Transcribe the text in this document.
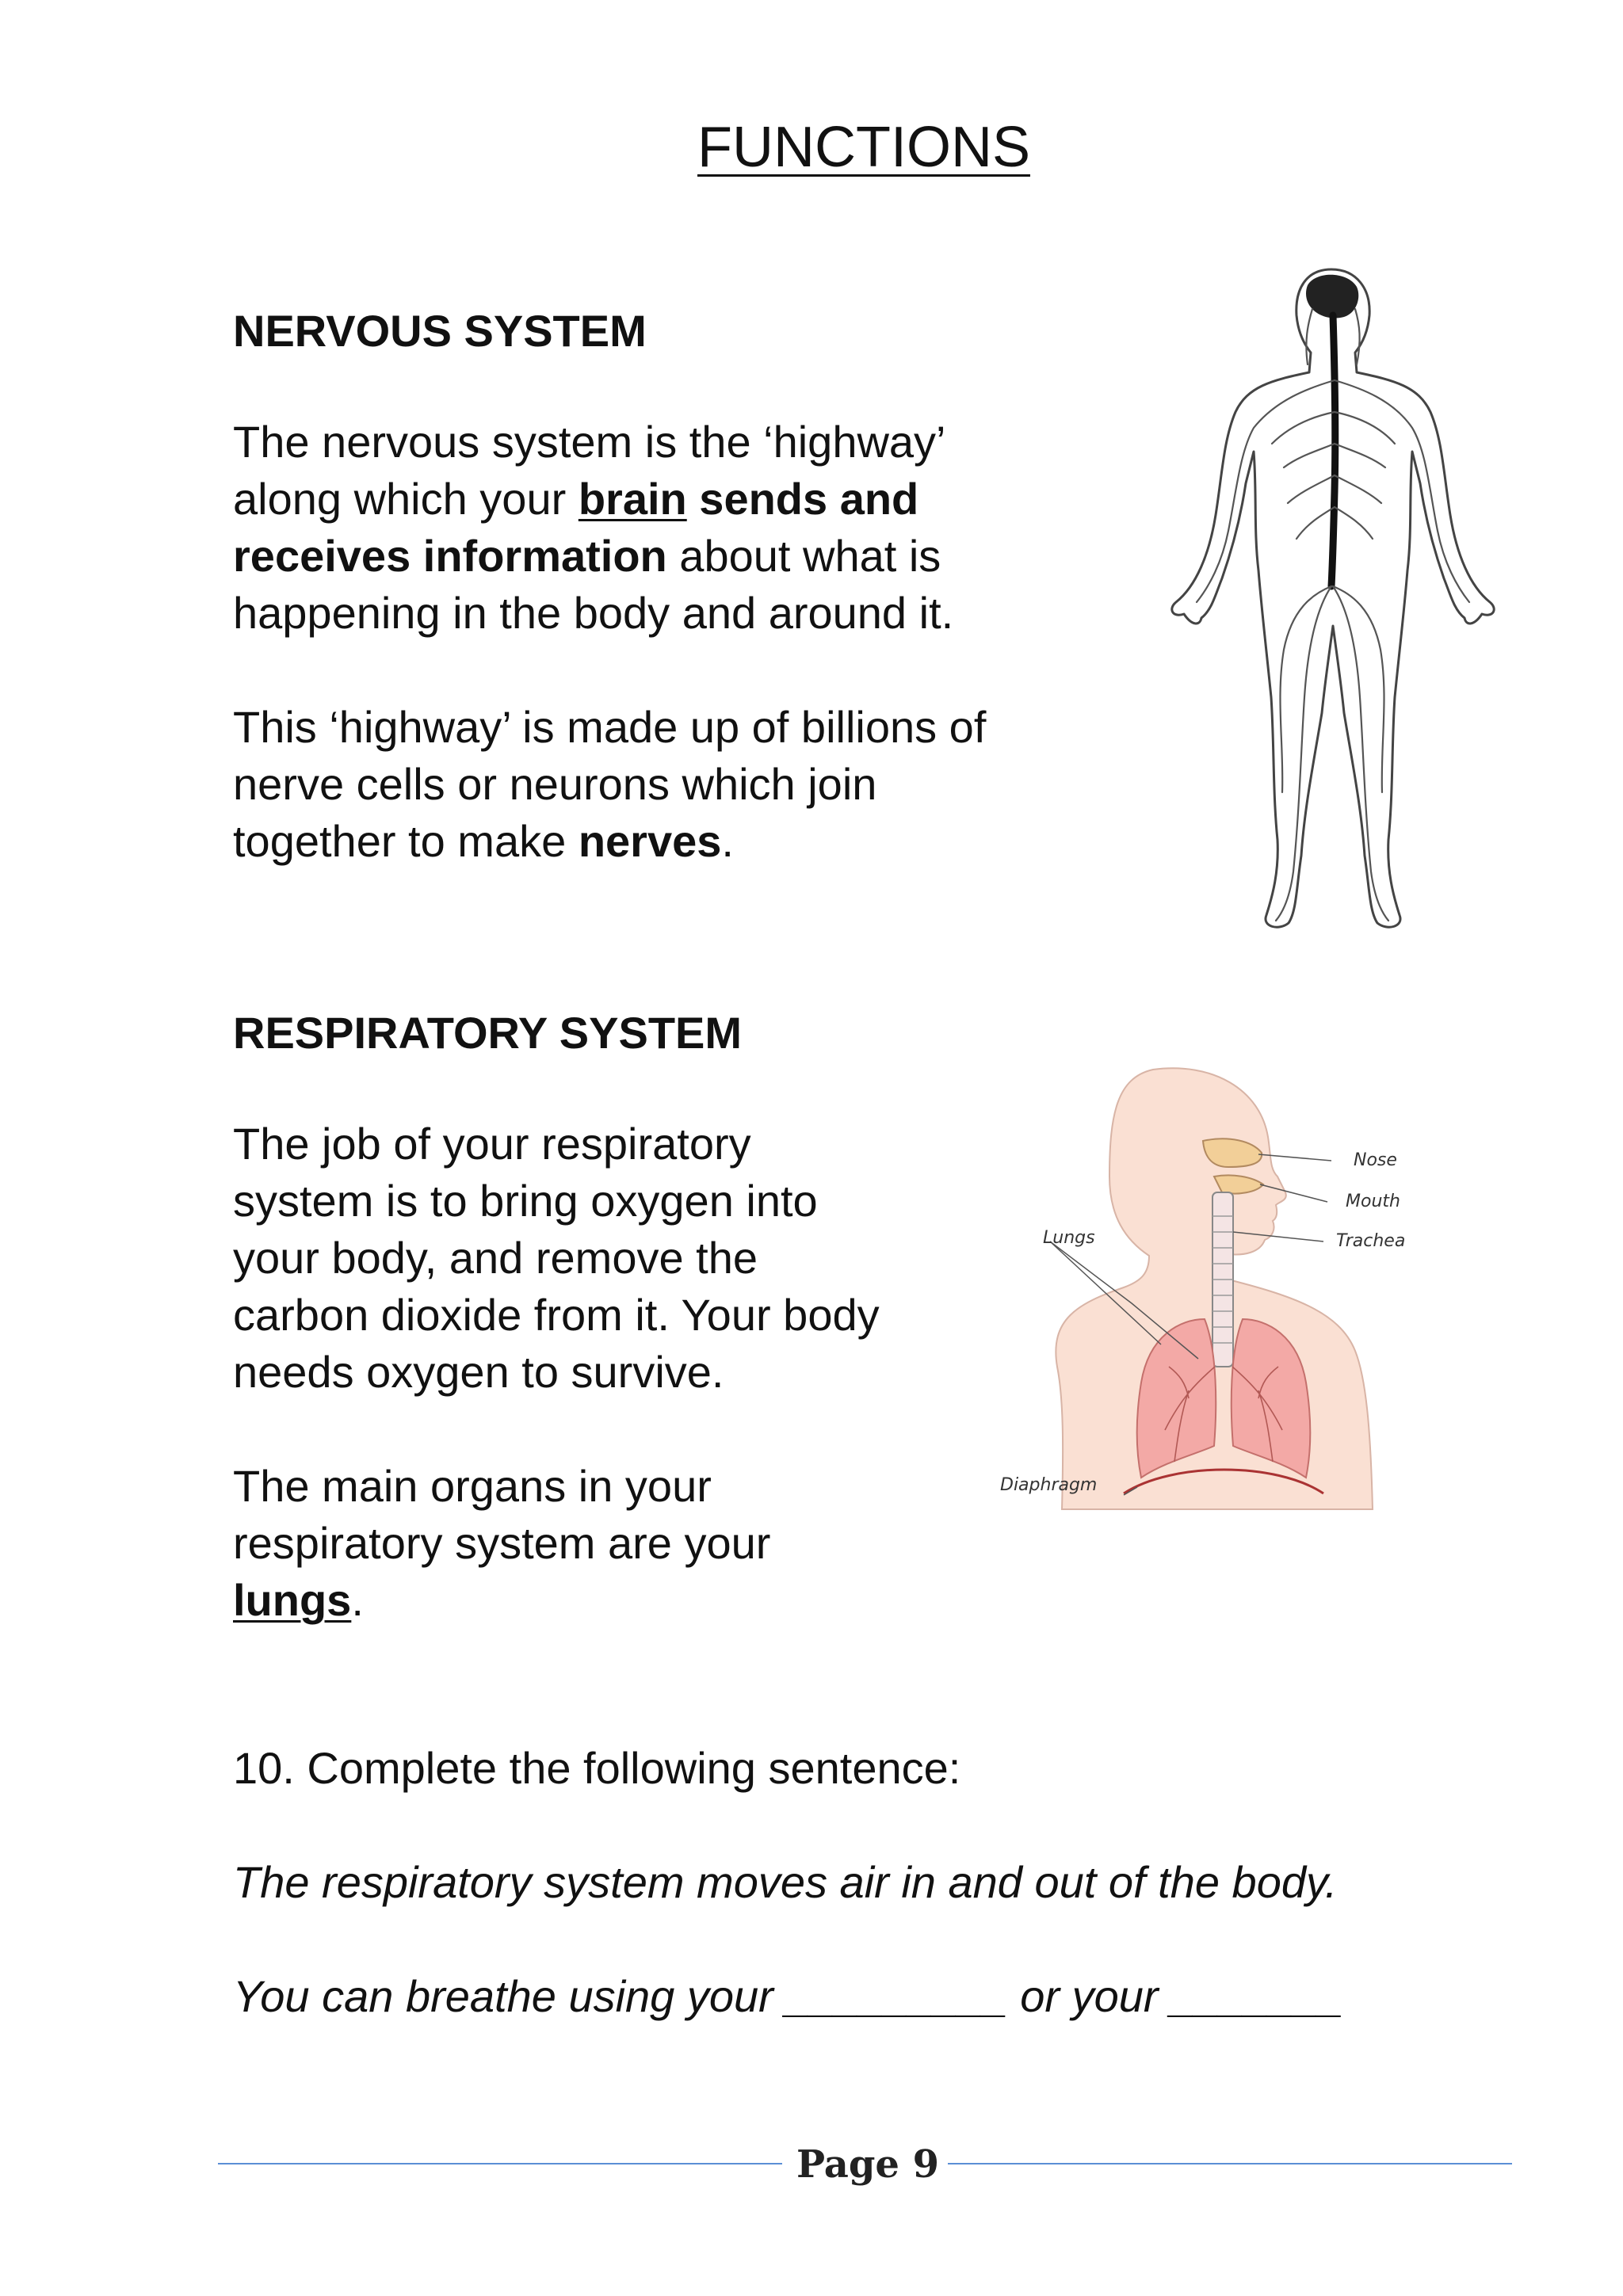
FUNCTIONS
NERVOUS SYSTEM
The nervous system is the ‘highway’
along which your brain sends and
receives information about what is
happening in the body and around it.
This ‘highway’ is made up of billions of
nerve cells or neurons which join
together to make nerves.
RESPIRATORY SYSTEM
The job of your respiratory
system is to bring oxygen into
your body, and remove the
carbon dioxide from it. Your body
needs oxygen to survive.
The main organs in your
respiratory system are your
lungs.
Nose
Mouth
Trachea
Lungs
Diaphragm
10. Complete the following sentence:
The respiratory system moves air in and out of the body.
You can breathe using your _________ or your _______
Page 9
